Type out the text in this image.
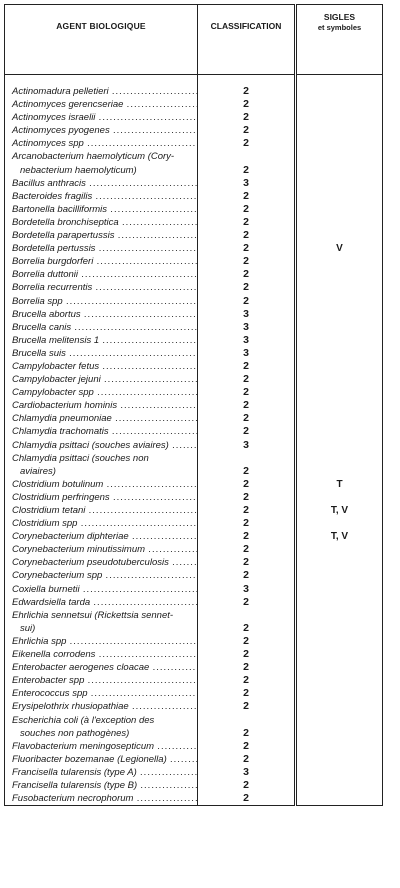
AGENT BIOLOGIQUE	CLASSIFICATION	SIGLES
et symboles

Actinomadura pelletieri .....	2	

Actinomyces gerencseriae .....	2	

Actinomyces israelii .....	2	

Actinomyces pyogenes .....	2	

Actinomyces spp .....	2	

Arcanobacterium haemolyticum (Cory-
nebacterium haemolyticum)	2	

Bacillus anthracis .....	3	

Bacteroides fragilis .....	2	

Bartonella bacilliformis .....	2	

Bordetella bronchiseptica .....	2	

Bordetella parapertussis .....	2	

Bordetella pertussis .....	2	V

Borrelia burgdorferi .....	2	

Borrelia duttonii .....	2	

Borrelia recurrentis .....	2	

Borrelia spp .....	2	

Brucella abortus .....	3	

Brucella canis .....	3	

Brucella melitensis 1 .....	3	

Brucella suis .....	3	

Campylobacter fetus .....	2	

Campylobacter jejuni .....	2	

Campylobacter spp .....	2	

Cardiobacterium hominis .....	2	

Chlamydia pneumoniae .....	2	

Chlamydia trachomatis .....	2	

Chlamydia psittaci (souches aviaires) .....	3	

Chlamydia psittaci (souches non
aviaires)	2	

Clostridium botulinum .....	2	T

Clostridium perfringens .....	2	

Clostridium tetani .....	2	T, V

Clostridium spp .....	2	

Corynebacterium diphteriae .....	2	T, V

Corynebacterium minutissimum .....	2	

Corynebacterium pseudotuberculosis .....	2	

Corynebacterium spp .....	2	

Coxiella burnetii .....	3	

Edwardsiella tarda .....	2	

Ehrlichia sennetsui (Rickettsia sennet-
sui)	2	

Ehrlichia spp .....	2	

Eikenella corrodens .....	2	

Enterobacter aerogenes cloacae .....	2	

Enterobacter spp .....	2	

Enterococcus spp .....	2	

Erysipelothrix rhusiopathiae .....	2	

Escherichia coli (à l'exception des
souches non pathogènes)	2	

Flavobacterium meningosepticum .....	2	

Fluoribacter bozemanae (Legionella) .....	2	

Francisella tularensis (type A) .....	3	

Francisella tularensis (type B) .....	2	

Fusobacterium necrophorum .....	2	
